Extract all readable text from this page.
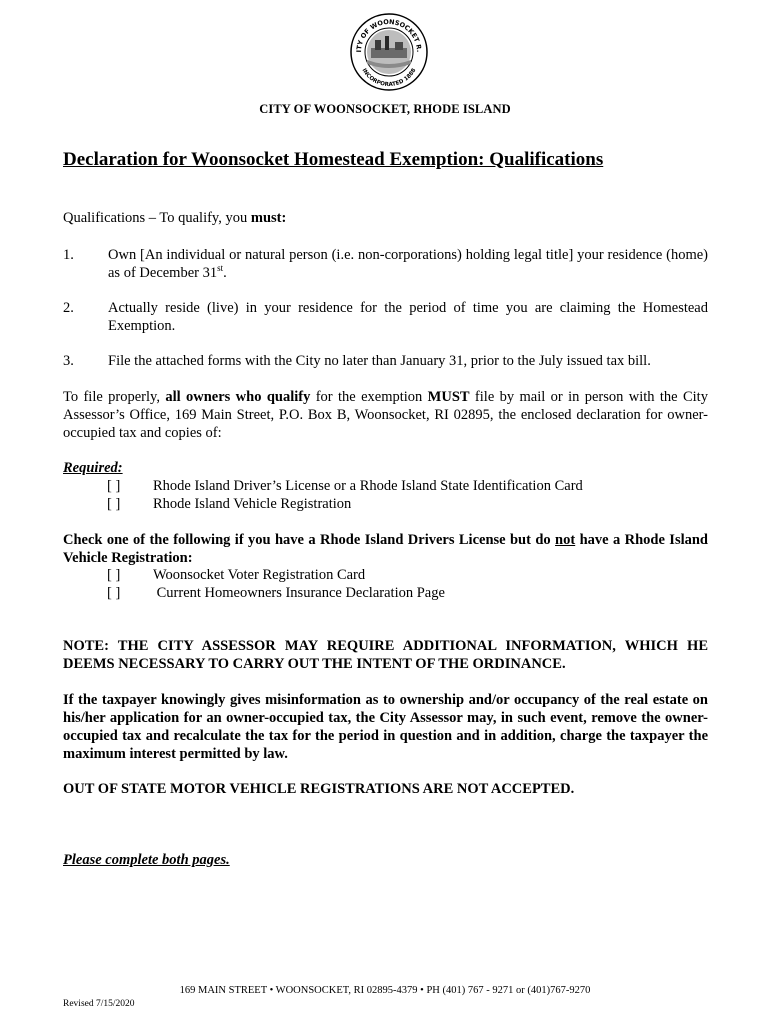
ITY OF WOONSOCKET R.
INCORPORATED 1888
CITY OF WOONSOCKET, RHODE ISLAND
Declaration for Woonsocket Homestead Exemption: Qualifications
Qualifications – To qualify, you must:
1. Own [An individual or natural person (i.e. non-corporations) holding legal title] your residence (home) as of December 31st.
2. Actually reside (live) in your residence for the period of time you are claiming the Homestead Exemption.
3. File the attached forms with the City no later than January 31, prior to the July issued tax bill.
To file properly, all owners who qualify for the exemption MUST file by mail or in person with the City Assessor’s Office, 169 Main Street, P.O. Box B, Woonsocket, RI 02895, the enclosed declaration for owner-occupied tax and copies of:
Required:
[ ] Rhode Island Driver’s License or a Rhode Island State Identification Card
[ ] Rhode Island Vehicle Registration
Check one of the following if you have a Rhode Island Drivers License but do not have a Rhode Island Vehicle Registration:
[ ] Woonsocket Voter Registration Card
[ ] Current Homeowners Insurance Declaration Page
NOTE: THE CITY ASSESSOR MAY REQUIRE ADDITIONAL INFORMATION, WHICH HE DEEMS NECESSARY TO CARRY OUT THE INTENT OF THE ORDINANCE.
If the taxpayer knowingly gives misinformation as to ownership and/or occupancy of the real estate on his/her application for an owner-occupied tax, the City Assessor may, in such event, remove the owner-occupied tax and recalculate the tax for the period in question and in addition, charge the taxpayer the maximum interest permitted by law.
OUT OF STATE MOTOR VEHICLE REGISTRATIONS ARE NOT ACCEPTED.
Please complete both pages.
169 MAIN STREET • WOONSOCKET, RI 02895-4379 • PH (401) 767 - 9271 or (401)767-9270
Revised 7/15/2020
